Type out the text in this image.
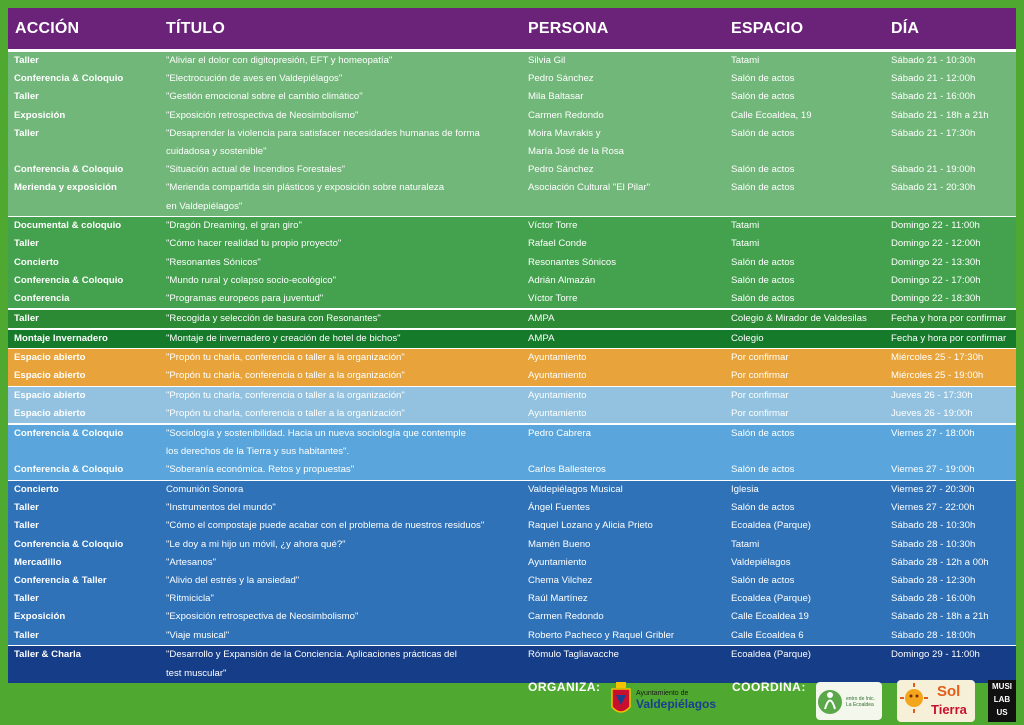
ACCIÓN	TÍTULO	PERSONA	ESPACIO	DÍA
Taller	"Aliviar el dolor con digitopresión, EFT y homeopatía"	Silvia Gil	Tatami	Sábado 21 - 10:30h
Conferencia & Coloquio	"Electrocución de aves en Valdepiélagos"	Pedro Sánchez	Salón de actos	Sábado 21 - 12:00h
Taller	"Gestión emocional sobre el cambio climático"	Mila Baltasar	Salón de actos	Sábado 21 - 16:00h
Exposición	"Exposición retrospectiva de Neosimbolismo"	Carmen Redondo	Calle Ecoaldea, 19	Sábado 21 - 18h a 21h
Taller	"Desaprender la violencia para satisfacer necesidades humanas de forma	Moira Mavrakis y	Salón de actos	Sábado 21 - 17:30h
cuidadosa y sostenible"	María José de la Rosa
Conferencia & Coloquio	"Situación actual de Incendios Forestales"	Pedro Sánchez	Salón de actos	Sábado 21 - 19:00h
Merienda y exposición	"Merienda compartida sin plásticos y exposición sobre naturaleza	Asociación Cultural "El Pilar"	Salón de actos	Sábado 21 - 20:30h
en Valdepiélagos"
Documental & coloquio	"Dragón Dreaming, el gran giro"	Víctor Torre	Tatami	Domingo 22 - 11:00h
Taller	"Cómo hacer realidad tu propio proyecto"	Rafael Conde	Tatami	Domingo 22 - 12:00h
Concierto	"Resonantes Sónicos"	Resonantes Sónicos	Salón de actos	Domingo 22 - 13:30h
Conferencia & Coloquio	"Mundo rural y colapso socio-ecológico"	Adrián Almazán	Salón de actos	Domingo 22 - 17:00h
Conferencia	"Programas europeos para juventud"	Víctor Torre	Salón de actos	Domingo 22 - 18:30h
Taller	"Recogida y selección de basura con Resonantes"	AMPA	Colegio & Mirador de Valdesilas	Fecha y hora por confirmar
Montaje Invernadero	"Montaje de invernadero y creación de hotel de bichos"	AMPA	Colegio	Fecha y hora por confirmar
Espacio abierto	"Propón tu charla, conferencia o taller a la organización"	Ayuntamiento	Por confirmar	Miércoles 25 - 17:30h
Espacio abierto	"Propón tu charla, conferencia o taller a la organización"	Ayuntamiento	Por confirmar	Miércoles 25 - 19:00h
Espacio abierto	"Propón tu charla, conferencia o taller a la organización"	Ayuntamiento	Por confirmar	Jueves 26 - 17:30h
Espacio abierto	"Propón tu charla, conferencia o taller a la organización"	Ayuntamiento	Por confirmar	Jueves 26 - 19:00h
Conferencia & Coloquio	"Sociología y sostenibilidad. Hacia un nueva sociología que contemple	Pedro Cabrera	Salón de actos	Viernes 27 - 18:00h
los derechos de la Tierra y sus habitantes".
Conferencia & Coloquio	"Soberanía económica. Retos y propuestas"	Carlos Ballesteros	Salón de actos	Viernes 27 - 19:00h
Concierto	Comunión Sonora	Valdepiélagos Musical	Iglesia	Viernes 27 - 20:30h
Taller	"Instrumentos del mundo"	Ángel Fuentes	Salón de actos	Viernes 27 - 22:00h
Taller	"Cómo el compostaje puede acabar con el problema de nuestros residuos"	Raquel Lozano y Alicia Prieto	Ecoaldea (Parque)	Sábado 28 - 10:30h
Conferencia & Coloquio	"Le doy a mi hijo un móvil, ¿y ahora qué?"	Mamén Bueno	Tatami	Sábado 28 - 10:30h
Mercadillo	"Artesanos"	Ayuntamiento	Valdepiélagos	Sábado 28 - 12h a 00h
Conferencia & Taller	"Alivio del estrés y la ansiedad"	Chema Vilchez	Salón de actos	Sábado 28 - 12:30h
Taller	"Ritmicicla"	Raúl Martínez	Ecoaldea (Parque)	Sábado 28 - 16:00h
Exposición	"Exposición retrospectiva de Neosimbolismo"	Carmen Redondo	Calle Ecoaldea 19	Sábado 28 - 18h a 21h
Taller	"Viaje musical"	Roberto Pacheco y Raquel Gribler	Calle Ecoaldea 6	Sábado 28 - 18:00h
Taller & Charla	"Desarrollo y Expansión de la Conciencia. Aplicaciones prácticas del	Rómulo Tagliavacche	Ecoaldea (Parque)	Domingo 29 - 11:00h
test muscular"
ORGANIZA:	Ayuntamiento de
Valdepiélagos
COORDINA:
entro de Inic. La Ecoaldea
Sol
Tierra
MUSI
LAB
US
